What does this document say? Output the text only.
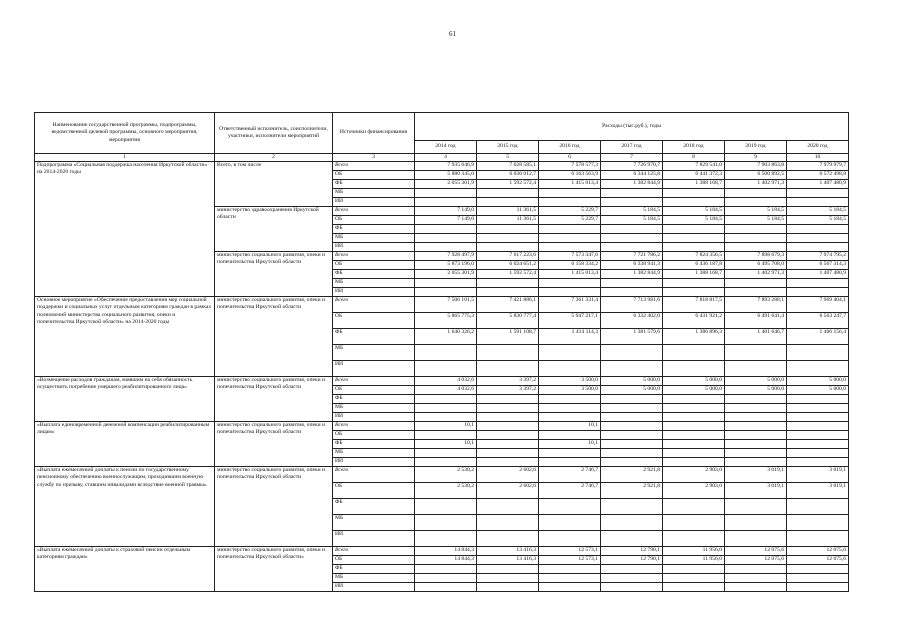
61
Наименование государственной программы, подпрограммы, ведомственной целевой программы, основного мероприятия, мероприятия	Ответственный исполнитель, соисполнители, участники, исполнители мероприятий	Источники финансирования	Расходы (тыс.руб.), годы						
			2014 год	2015 год	2016 год	2017 год	2018 год	2019 год	2020 год
1	2	3	4	5	6	7	8	9	10
Подпрограмма «Социальная поддержка населения Иркутской области» на 2014-2020 годы	Всего, в том числе	Всего	7 935 646,9	7 628 585,1	7 578 577,3	7 726 970,7	7 829 541,0	7 903 863,8	7 979 979,7
		ОБ	5 880 345,0	6 036 012,7	6 163 563,9	6 344 125,8	6 441 372,3	6 500 892,5	6 572 498,8
		ФБ	2 055 301,9	1 592 572,4	1 415 013,4	1 382 844,9	1 388 168,7	1 402 971,3	1 407 480,9
		МБ							
		ИИ							
	министерство здравоохранения Иркутской области	Всего	7 149,0	11 361,5	5 229,7	5 184,5	5 184,5	5 184,5	5 184,5
		ОБ	7 149,0	11 361,5	5 229,7	5 184,5	5 184,5	5 184,5	5 184,5
		ФБ							
		МБ							
		ИИ							
	министерство социального развития, опеки и попечительства Иркутской области	Всего	7 928 497,9	7 617 223,6	7 573 347,6	7 721 786,2	7 824 356,5	7 898 679,3	7 974 795,2
		ОБ	5 873 196,0	6 024 651,2	6 158 334,2	6 338 941,3	6 436 187,8	6 495 708,0	6 567 314,3
		ФБ	2 055 301,9	1 592 572,4	1 415 013,4	1 382 844,9	1 388 168,7	1 402 971,3	1 407 480,9
		МБ							
		ИИ							
Основное мероприятие «Обеспечение предоставления мер социальной поддержки и социальных услуг отдельным категориям граждан в рамках полномочий министерства социального развития, опеки и попечительства Иркутской области» на 2014-2020 годы	министерство социального развития, опеки и попечительства Иркутской области	Всего	7 506 101,5	7 421 886,1	7 361 331,4	7 713 981,6	7 818 817,5	7 893 288,1	7 969 404,1
		ОБ	5 865 775,3	5 830 777,4	5 947 217,1	6 332 402,0	6 431 921,2	6 491 641,4	6 563 247,7
		ФБ	1 640 326,2	1 591 108,7	1 414 114,3	1 381 579,6	1 386 896,3	1 401 646,7	1 406 156,4
		МБ							
		ИИ							
«Возмещение расходов гражданам, взявшим на себя обязанность осуществить погребение умершего реабилитированного лица»	министерство социального развития, опеки и попечительства Иркутской области	Всего	4 032,6	3 397,2	3 500,0	5 000,0	5 000,0	5 000,0	5 000,0
		ОБ	4 032,6	3 397,2	3 500,0	5 000,0	5 000,0	5 000,0	5 000,0
		ФБ							
		МБ							
		ИИ							
«Выплата единовременной денежной компенсации реабилитированным лицам»	министерство социального развития, опеки и попечительства Иркутской области	Всего	10,1		10,1				
		ОБ							
		ФБ	10,1		10,1				
		МБ							
		ИИ							
«Выплата ежемесячной доплаты к пенсии по государственному пенсионному обеспечению военнослужащим, проходившим военную службу по призыву, ставшим инвалидами вследствие военной травмы»	министерство социального развития, опеки и попечительства Иркутской области	Всего	2 530,2	2 602,6	2 746,7	2 921,8	2 903,0	3 019,1	3 019,1
		ОБ	2 530,2	2 602,6	2 746,7	2 921,8	2 903,0	3 019,1	3 019,1
		ФБ							
		МБ							
		ИИ							
«Выплата ежемесячной доплаты к страховой пенсии отдельным категориям граждан»	министерство социального развития, опеки и попечительства Иркутской области»	Всего	14 844,3	13 416,3	12 573,1	12 790,1	11 956,0	12 075,6	12 075,6
		ОБ	14 844,3	13 416,3	12 573,1	12 790,1	11 956,0	12 075,6	12 075,6
		ФБ							
		МБ							
		ИИ							
